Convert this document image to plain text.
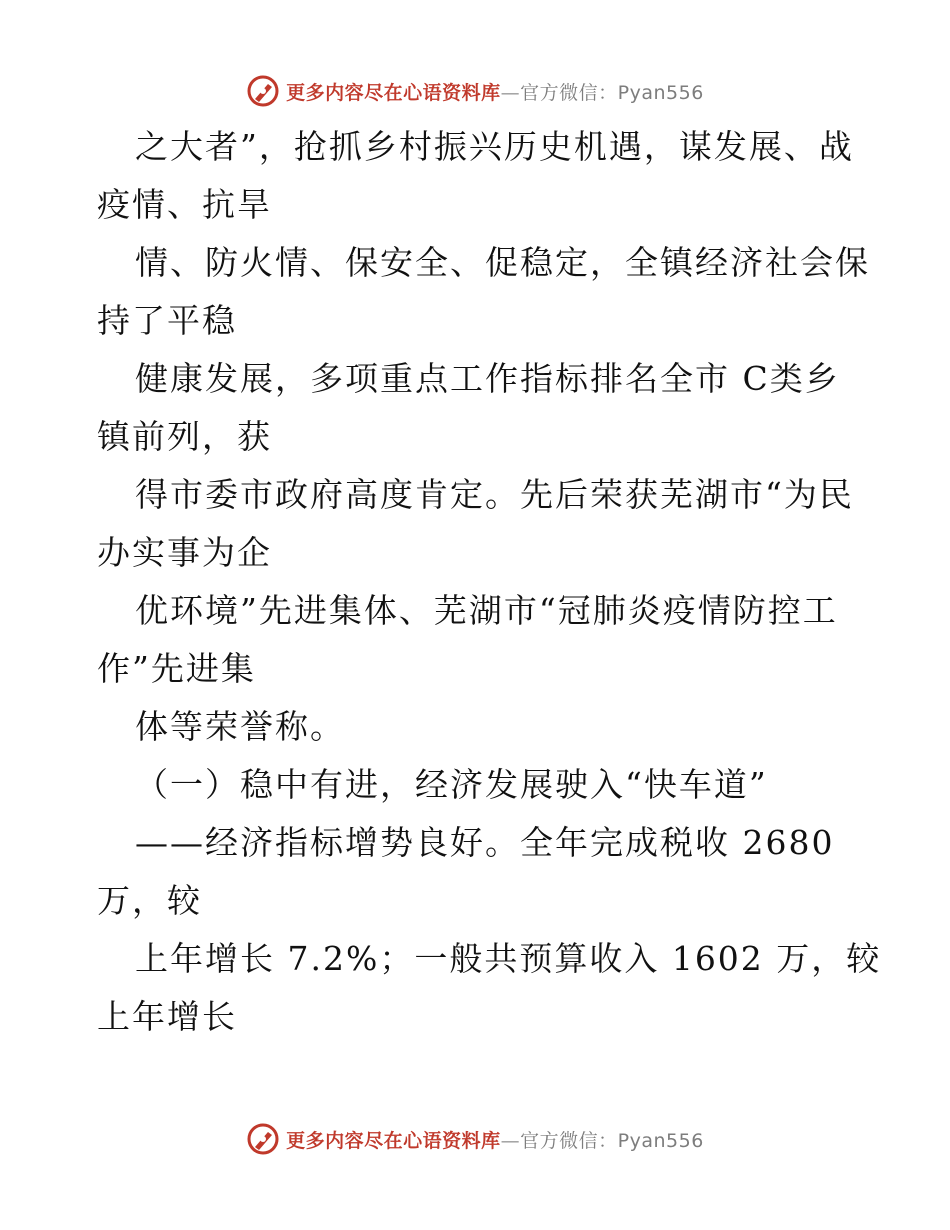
更多内容尽在心语资料库—官方微信：Pyan556
之大者”，抢抓乡村振兴历史机遇，谋发展、战
疫情、抗旱
情、防火情、保安全、促稳定，全镇经济社会保
持了平稳
健康发展，多项重点工作指标排名全市 C类乡
镇前列，获
得市委市政府高度肯定。先后荣获芜湖市“为民
办实事为企
优环境”先进集体、芜湖市“冠肺炎疫情防控工
作”先进集
体等荣誉称。
（一）稳中有进，经济发展驶入“快车道”
——经济指标增势良好。全年完成税收 2680
万，较
上年增长 7.2%；一般共预算收入 1602 万，较
上年增长
更多内容尽在心语资料库—官方微信：Pyan556
